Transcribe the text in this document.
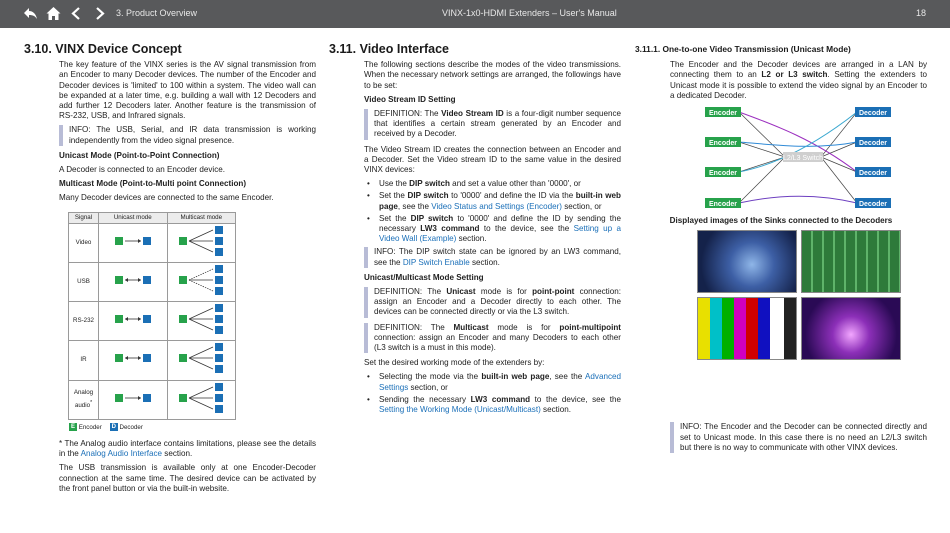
3. Product Overview	VINX-1x0-HDMI Extenders – User's Manual	18
3.10. VINX Device Concept

The key feature of the VINX series is the AV signal transmission from an Encoder to many Decoder devices. The number of the Encoder and Decoder devices is 'limited' to 100 within a system. The video wall can be expanded at a later time, e.g. building a wall with 12 Decoders and add further 12 Decoders later. Another feature is the transmission of RS-232, USB, and Infrared signals.

INFO: The USB, Serial, and IR data transmission is working independently from the video signal presence.

Unicast Mode (Point-to-Point Connection)

A Decoder is connected to an Encoder device.

Multicast Mode (Point-to-Multi point Connection)

Many Decoder devices are connected to the same Encoder.

Signal	Unicast mode	Multicast mode
Video		
USB		
RS-232		
IR		
Analog audio*		
E Encoder	D Decoder

* The Analog audio interface contains limitations, please see the details in the Analog Audio Interface section.

The USB transmission is available only at one Encoder-Decoder connection at the same time. The desired device can be activated by the front panel button or via the built-in website.

3.11. Video Interface

The following sections describe the modes of the video transmissions. When the necessary network settings are arranged, the followings have to be set:

Video Stream ID Setting

DEFINITION: The Video Stream ID is a four-digit number sequence that identifies a certain stream generated by an Encoder and received by a Decoder.

The Video Stream ID creates the connection between an Encoder and a Decoder. Set the Video stream ID to the same value in the desired VINX devices:

• Use the DIP switch and set a value other than '0000', or
• Set the DIP switch to '0000' and define the ID via the built-in web page, see the Video Status and Settings (Encoder) section, or
• Set the DIP switch to '0000' and define the ID by sending the necessary LW3 command to the device, see the Setting up a Video Wall (Example) section.
INFO: The DIP switch state can be ignored by an LW3 command, see the DIP Switch Enable section.

Unicast/Multicast Mode Setting

DEFINITION: The Unicast mode is for point-point connection: assign an Encoder and a Decoder directly to each other. The devices can be connected directly or via the L3 switch.
DEFINITION: The Multicast mode is for point-multipoint connection: assign an Encoder and many Decoders to each other (L3 switch is a must in this mode).

Set the desired working mode of the extenders by:

• Selecting the mode via the built-in web page, see the Advanced Settings section, or
• Sending the necessary LW3 command to the device, see the Setting the Working Mode (Unicast/Multicast) section.
3.11.1. One-to-one Video Transmission (Unicast Mode)

The Encoder and the Decoder devices are arranged in a LAN by connecting them to an L2 or L3 switch. Setting the extenders to Unicast mode it is possible to extend the video signal by an Encoder to a dedicated Decoder.

L2/L3 Switch
Encoder
Encoder
Encoder
Encoder
Decoder
Decoder
Decoder
Decoder
Displayed images of the Sinks connected to the Decoders
INFO: The Encoder and the Decoder can be connected directly and set to Unicast mode. In this case there is no need an L2/L3 switch but there is no way to communicate with other VINX devices.
